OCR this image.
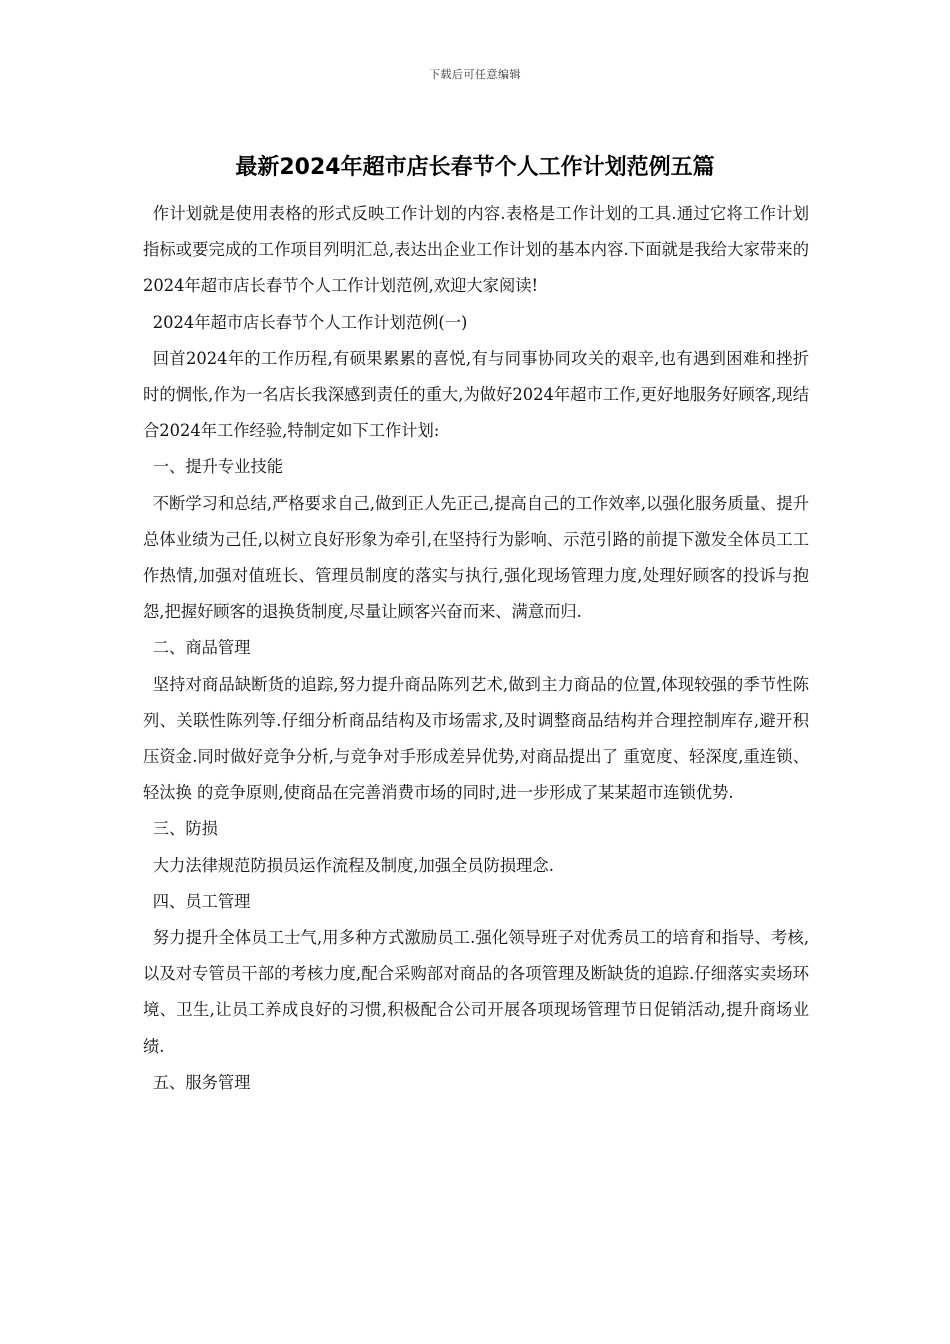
下载后可任意编辑
最新2024年超市店长春节个人工作计划范例五篇

作计划就是使用表格的形式反映工作计划的内容.表格是工作计划的工具.通过它将工作计划指标或要完成的工作项目列明汇总,表达出企业工作计划的基本内容.下面就是我给大家带来的2024年超市店长春节个人工作计划范例,欢迎大家阅读!

2024年超市店长春节个人工作计划范例(一)

回首2024年的工作历程,有硕果累累的喜悦,有与同事协同攻关的艰辛,也有遇到困难和挫折时的惆怅,作为一名店长我深感到责任的重大,为做好2024年超市工作,更好地服务好顾客,现结合2024年工作经验,特制定如下工作计划:

一、提升专业技能

不断学习和总结,严格要求自己,做到正人先正己,提高自己的工作效率,以强化服务质量、提升总体业绩为己任,以树立良好形象为牵引,在坚持行为影响、示范引路的前提下激发全体员工工作热情,加强对值班长、管理员制度的落实与执行,强化现场管理力度,处理好顾客的投诉与抱怨,把握好顾客的退换货制度,尽量让顾客兴奋而来、满意而归.

二、商品管理

坚持对商品缺断货的追踪,努力提升商品陈列艺术,做到主力商品的位置,体现较强的季节性陈列、关联性陈列等.仔细分析商品结构及市场需求,及时调整商品结构并合理控制库存,避开积压资金.同时做好竞争分析,与竞争对手形成差异优势,对商品提出了 重宽度、轻深度,重连锁、轻汰换 的竞争原则,使商品在完善消费市场的同时,进一步形成了某某超市连锁优势.

三、防损

大力法律规范防损员运作流程及制度,加强全员防损理念.

四、员工管理

努力提升全体员工士气,用多种方式激励员工.强化领导班子对优秀员工的培育和指导、考核,以及对专管员干部的考核力度,配合采购部对商品的各项管理及断缺货的追踪.仔细落实卖场环境、卫生,让员工养成良好的习惯,积极配合公司开展各项现场管理节日促销活动,提升商场业绩.

五、服务管理
